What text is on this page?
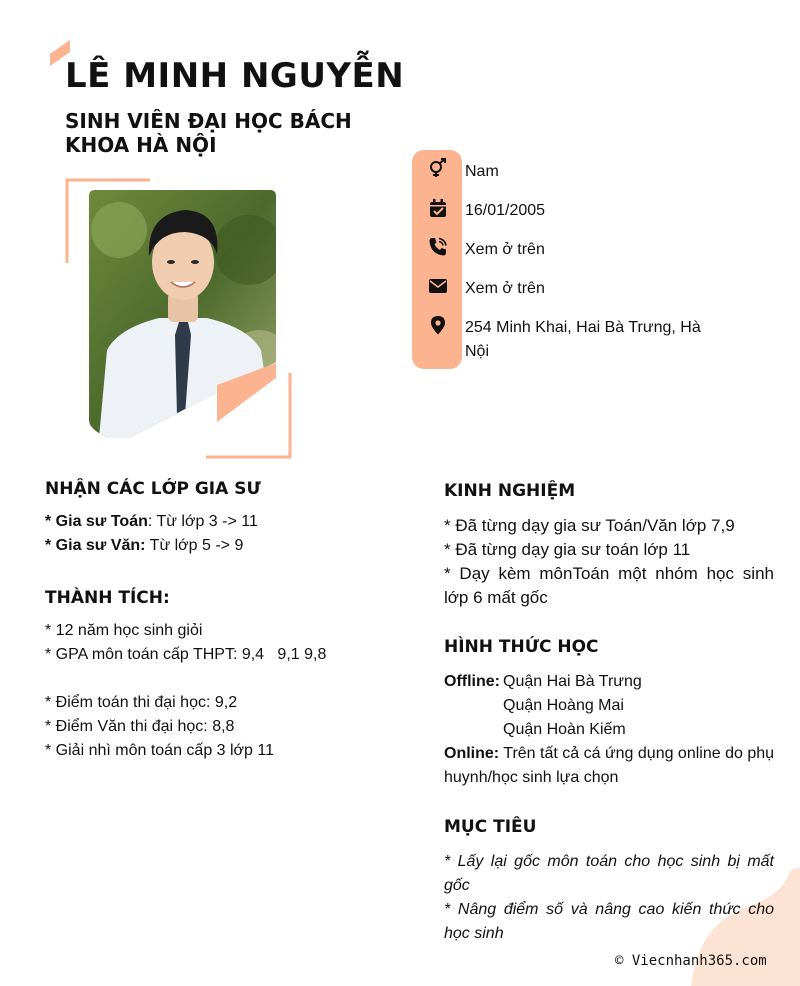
LÊ MINH NGUYỄN
SINH VIÊN ĐẠI HỌC BÁCH KHOA HÀ NỘI
Nam
16/01/2005
Xem ở trên
Xem ở trên
254 Minh Khai, Hai Bà Trưng, Hà Nội
NHẬN CÁC LỚP GIA SƯ
* Gia sư Toán: Từ lớp 3 -> 11
* Gia sư Văn: Từ lớp 5 -> 9
THÀNH TÍCH:
* 12 năm học sinh giỏi
* GPA môn toán cấp THPT: 9,4   9,1 9,8
* Điểm toán thi đại học: 9,2
* Điểm Văn thi đại học: 8,8
* Giải nhì môn toán cấp 3 lớp 11
KINH NGHIỆM
* Đã từng dạy gia sư Toán/Văn lớp 7,9
* Đã từng dạy gia sư toán lớp 11
* Dạy kèm mônToán một nhóm học sinh lớp 6 mất gốc
HÌNH THỨC HỌC
Offline: Quận Hai Bà Trưng
Quận Hoàng Mai
Quận Hoàn Kiếm
Online: Trên tất cả cá ứng dụng online do phụ huynh/học sinh lựa chọn
MỤC TIÊU
* Lấy lại gốc môn toán cho học sinh bị mất gốc
* Nâng điểm số và nâng cao kiến thức cho học sinh
© Viecnhanh365.com
